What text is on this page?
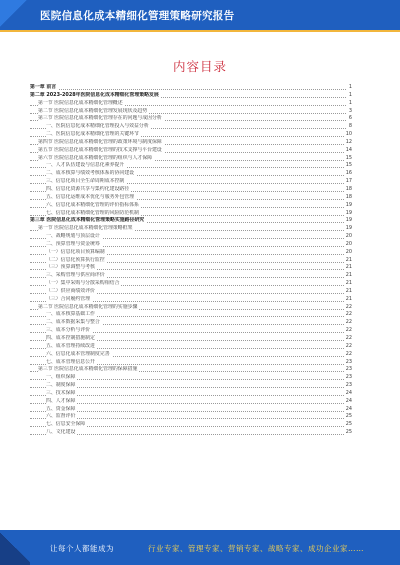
医院信息化成本精细化管理策略研究报告
内容目录
第一章 前言	1
第二章 2023-2028年医院信息化成本精细化管理策略发展	1
第一节 医院信息化成本精细化管理概述	1
第二节 医院信息化成本精细化管理发展现状及趋势	3
第三节 医院信息化成本精细化管理存在的问题与成因分析	6
一、医院信息化成本精细化管理投入与效益分析	8
二、医院信息化成本精细化管理的关键环节	10
第四节 医院信息化成本精细化管理的政策环境与制度保障	12
第五节 医院信息化成本精细化管理的技术支撑与平台建设	14
第六节 医院信息化成本精细化管理的组织与人才保障	15
一、人才队伍建设与信息化素养提升	15
二、成本核算与绩效考核体系的协同建设	16
三、信息化项目全生命周期成本控制	17
四、信息化资源共享与集约化建设路径	18
五、信息化运维成本优化与服务外包管理	18
六、信息化成本精细化管理的评价指标体系	19
七、信息化成本精细化管理的风险防范机制	19
第三章 医院信息化成本精细化管理策略实施路径研究	19
第一节 医院信息化成本精细化管理策略框架	19
一、战略规划与顶层设计	20
二、预算管理与资金统筹	20
（一）信息化项目预算编制	20
（二）信息化预算执行监控	21
（三）预算调整与考核	21
三、采购管理与供应商评价	21
（一）集中采购与分散采购相结合	21
（二）供应商绩效评价	21
（三）合同履约管理	21
第二节 医院信息化成本精细化管理的实施步骤	22
一、成本核算基础工作	22
二、成本数据采集与整合	22
三、成本分析与评价	22
四、成本控制措施制定	22
五、成本管理持续改进	22
六、信息化成本管理制度完善	22
七、成本管理信息公开	23
第三节 医院信息化成本精细化管理的保障措施	23
一、组织保障	23
二、制度保障	23
三、技术保障	24
四、人才保障	24
五、资金保障	24
六、监督评价	25
七、信息安全保障	25
八、文化建设	25
让每个人都能成为	行业专家、管理专家、营销专家、战略专家、成功企业家……
